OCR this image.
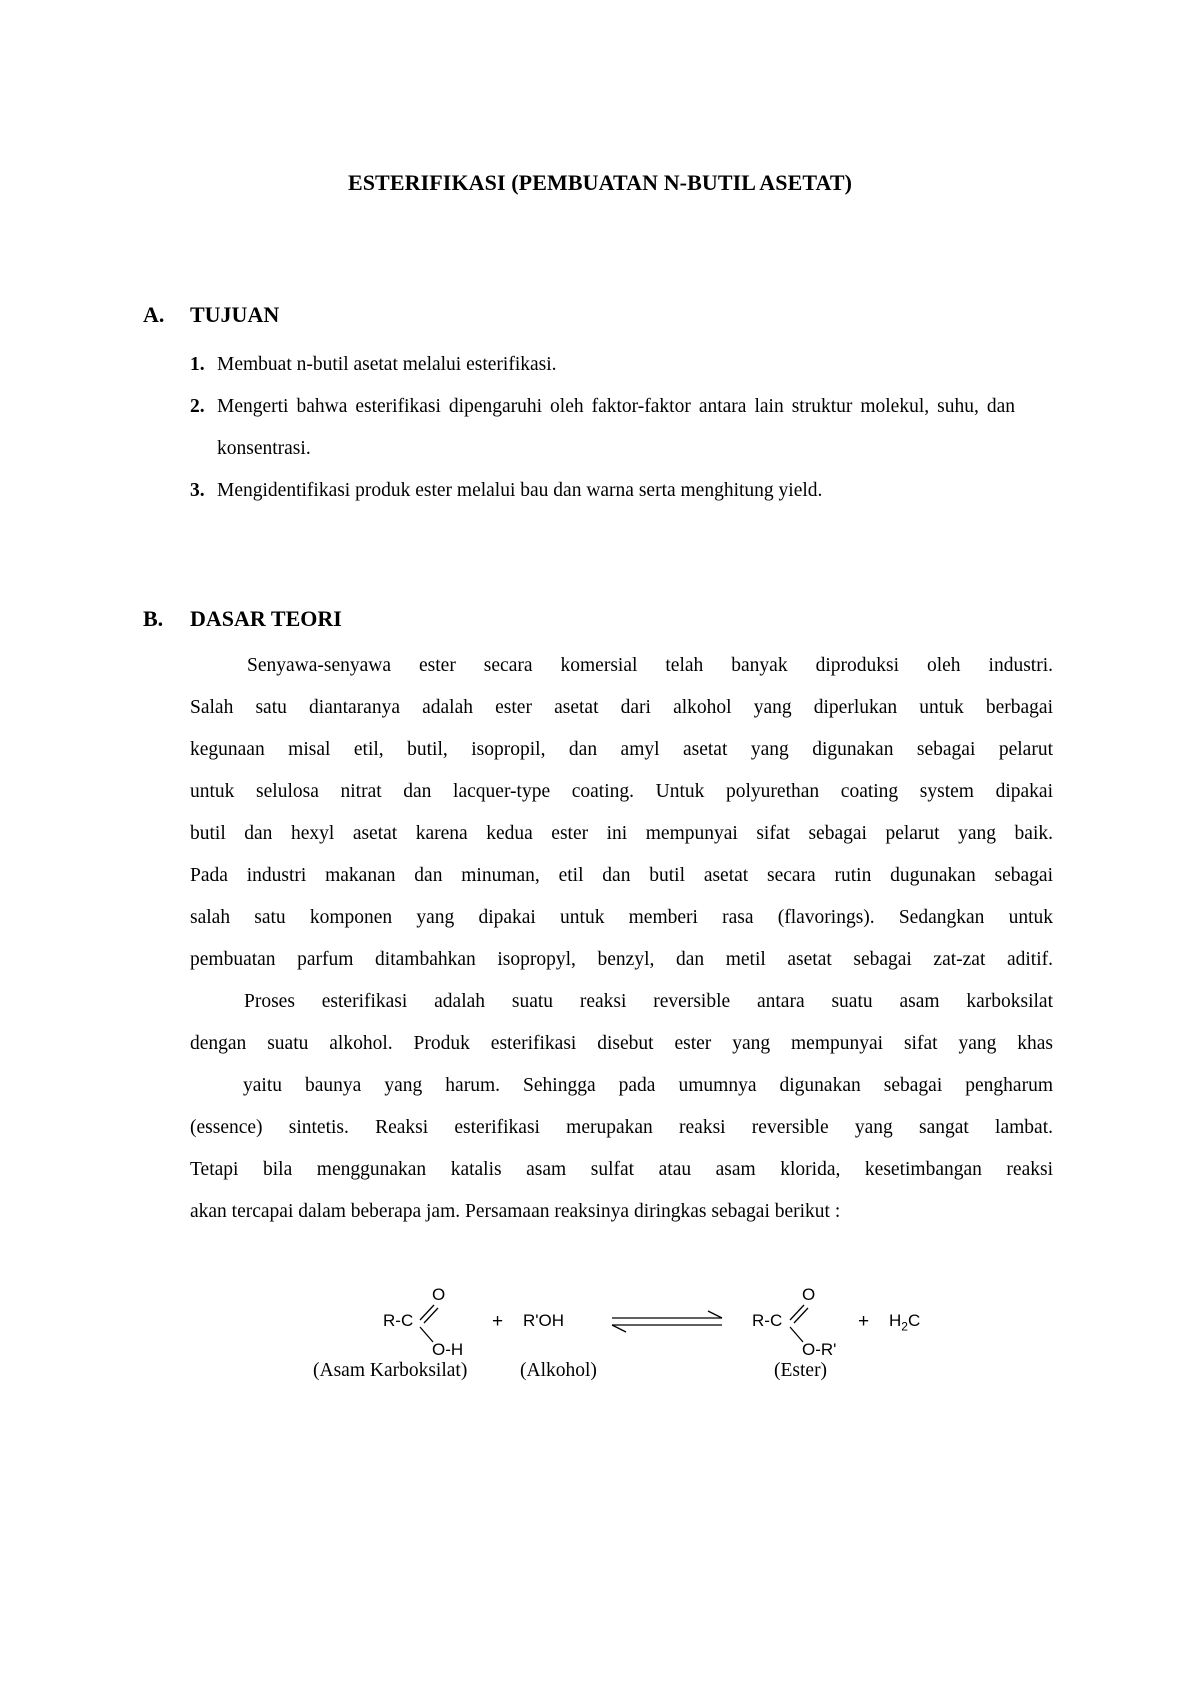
ESTERIFIKASI (PEMBUATAN N-BUTIL ASETAT)
A. TUJUAN
1. Membuat n-butil asetat melalui esterifikasi.
2. Mengerti bahwa esterifikasi dipengaruhi oleh faktor-faktor antara lain struktur molekul, suhu, dan konsentrasi.
3. Mengidentifikasi produk ester melalui bau dan warna serta menghitung yield.
B. DASAR TEORI

Senyawa-senyawa ester secara komersial telah banyak diproduksi oleh industri.

Salah satu diantaranya adalah ester asetat dari alkohol yang diperlukan untuk berbagai

kegunaan misal etil, butil, isopropil, dan amyl asetat yang digunakan sebagai pelarut

untuk selulosa nitrat dan lacquer-type coating. Untuk polyurethan coating system dipakai

butil dan hexyl asetat karena kedua ester ini mempunyai sifat sebagai pelarut yang baik.

Pada industri makanan dan minuman, etil dan butil asetat secara rutin dugunakan sebagai

salah satu komponen yang dipakai untuk memberi rasa (flavorings). Sedangkan untuk

pembuatan parfum ditambahkan isopropyl, benzyl, dan metil asetat sebagai zat-zat aditif.

Proses esterifikasi adalah suatu reaksi reversible antara suatu asam karboksilat

dengan suatu alkohol. Produk esterifikasi disebut ester yang mempunyai sifat yang khas

yaitu baunya yang harum. Sehingga pada umumnya digunakan sebagai pengharum

(essence) sintetis. Reaksi esterifikasi merupakan reaksi reversible yang sangat lambat.

Tetapi bila menggunakan katalis asam sulfat atau asam klorida, kesetimbangan reaksi

akan tercapai dalam beberapa jam. Persamaan reaksinya diringkas sebagai berikut :

R-C
O
O-H
+ R'OH	R-C
O
O-R'
+ $H_2C$
(Asam Karboksilat)	(Alkohol)	(Ester)
